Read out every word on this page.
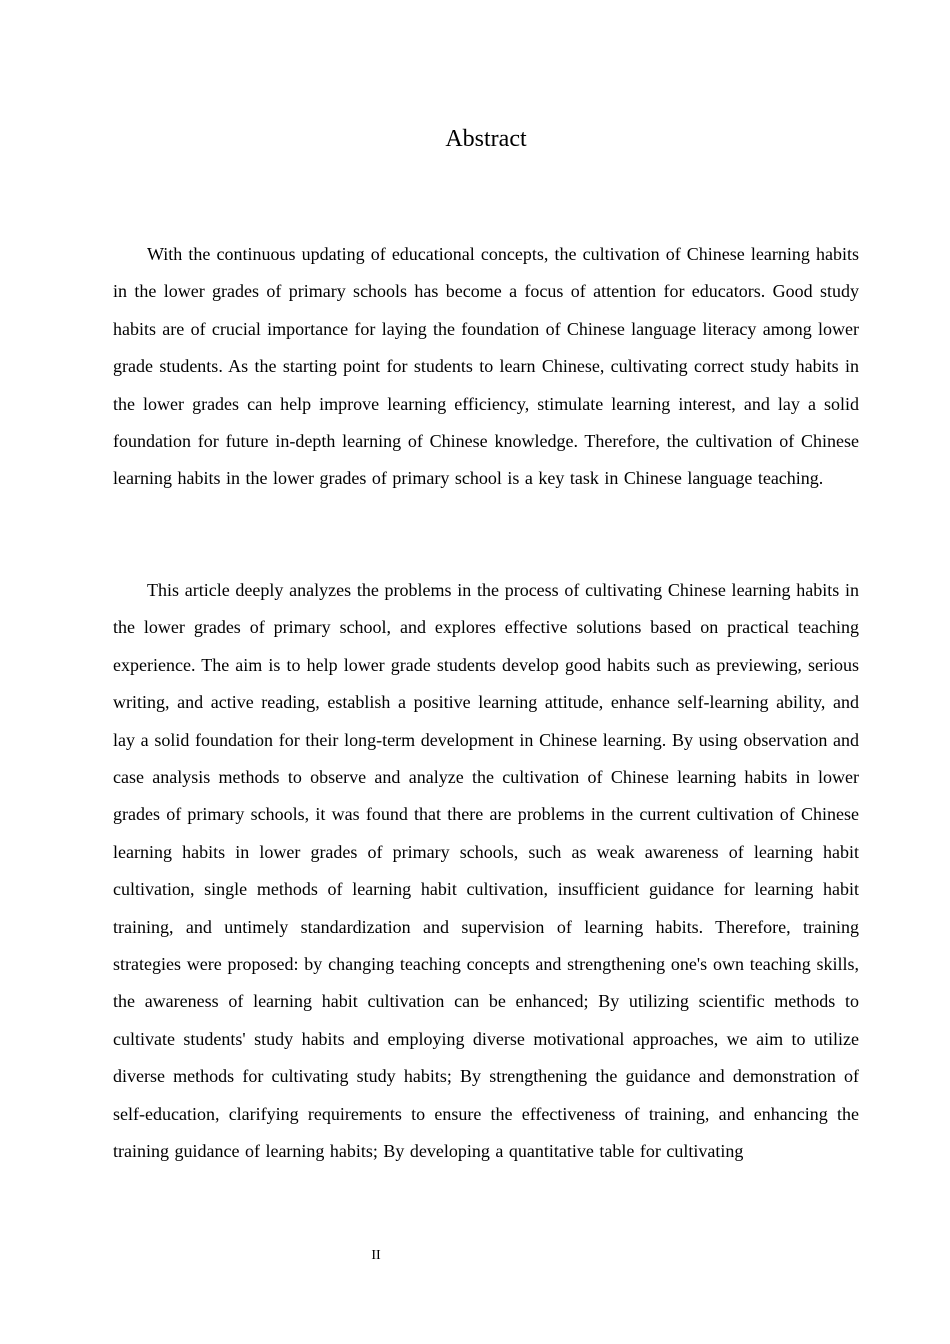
Abstract

With the continuous updating of educational concepts, the cultivation of Chinese learning habits in the lower grades of primary schools has become a focus of attention for educators. Good study habits are of crucial importance for laying the foundation of Chinese language literacy among lower grade students. As the starting point for students to learn Chinese, cultivating correct study habits in the lower grades can help improve learning efficiency, stimulate learning interest, and lay a solid foundation for future in-depth learning of Chinese knowledge. Therefore, the cultivation of Chinese learning habits in the lower grades of primary school is a key task in Chinese language teaching.

This article deeply analyzes the problems in the process of cultivating Chinese learning habits in the lower grades of primary school, and explores effective solutions based on practical teaching experience. The aim is to help lower grade students develop good habits such as previewing, serious writing, and active reading, establish a positive learning attitude, enhance self-learning ability, and lay a solid foundation for their long-term development in Chinese learning. By using observation and case analysis methods to observe and analyze the cultivation of Chinese learning habits in lower grades of primary schools, it was found that there are problems in the current cultivation of Chinese learning habits in lower grades of primary schools, such as weak awareness of learning habit cultivation, single methods of learning habit cultivation, insufficient guidance for learning habit training, and untimely standardization and supervision of learning habits. Therefore, training strategies were proposed: by changing teaching concepts and strengthening one's own teaching skills, the awareness of learning habit cultivation can be enhanced; By utilizing scientific methods to cultivate students' study habits and employing diverse motivational approaches, we aim to utilize diverse methods for cultivating study habits; By strengthening the guidance and demonstration of self-education, clarifying requirements to ensure the effectiveness of training, and enhancing the training guidance of learning habits; By developing a quantitative table for cultivating

II
